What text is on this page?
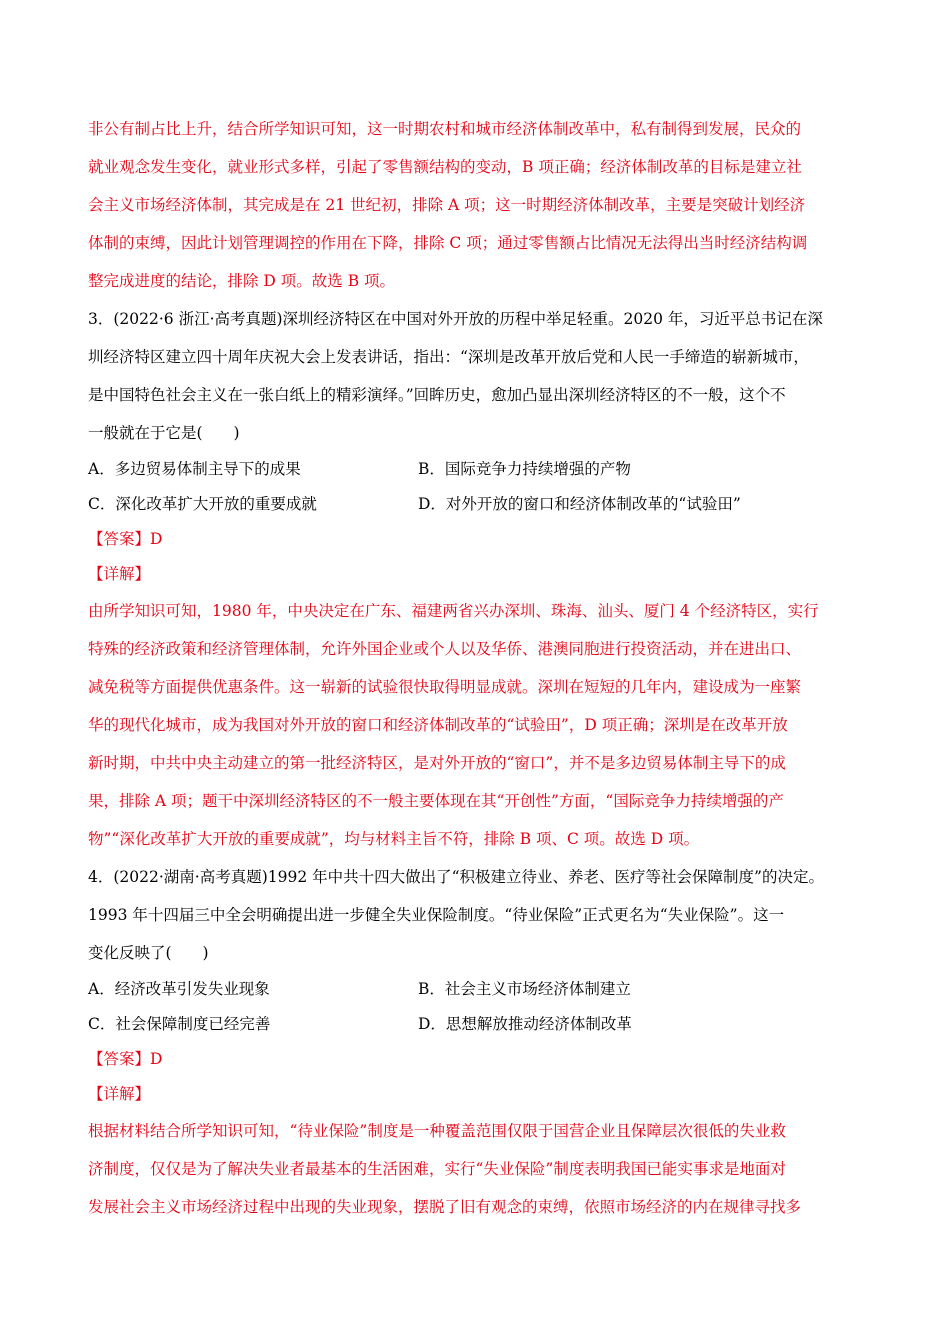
非公有制占比上升，结合所学知识可知，这一时期农村和城市经济体制改革中，私有制得到发展，民众的
就业观念发生变化，就业形式多样，引起了零售额结构的变动，B 项正确；经济体制改革的目标是建立社
会主义市场经济体制，其完成是在 21 世纪初，排除 A 项；这一时期经济体制改革，主要是突破计划经济
体制的束缚，因此计划管理调控的作用在下降，排除 C 项；通过零售额占比情况无法得出当时经济结构调
整完成进度的结论，排除 D 项。故选 B 项。
3．(2022·6 浙江·高考真题)深圳经济特区在中国对外开放的历程中举足轻重。2020 年，习近平总书记在深
圳经济特区建立四十周年庆祝大会上发表讲话，指出：“深圳是改革开放后党和人民一手缔造的崭新城市，
是中国特色社会主义在一张白纸上的精彩演绎。”回眸历史，愈加凸显出深圳经济特区的不一般，这个不
一般就在于它是(　　)
A．多边贸易体制主导下的成果	B．国际竞争力持续增强的产物
C．深化改革扩大开放的重要成就	D．对外开放的窗口和经济体制改革的“试验田”
【答案】D
【详解】
由所学知识可知，1980 年，中央决定在广东、福建两省兴办深圳、珠海、汕头、厦门 4 个经济特区，实行
特殊的经济政策和经济管理体制，允许外国企业或个人以及华侨、港澳同胞进行投资活动，并在进出口、
减免税等方面提供优惠条件。这一崭新的试验很快取得明显成就。深圳在短短的几年内，建设成为一座繁
华的现代化城市，成为我国对外开放的窗口和经济体制改革的“试验田”，D 项正确；深圳是在改革开放
新时期，中共中央主动建立的第一批经济特区，是对外开放的“窗口”，并不是多边贸易体制主导下的成
果，排除 A 项；题干中深圳经济特区的不一般主要体现在其“开创性”方面，“国际竞争力持续增强的产
物”“深化改革扩大开放的重要成就”，均与材料主旨不符，排除 B 项、C 项。故选 D 项。
4．(2022·湖南·高考真题)1992 年中共十四大做出了“积极建立待业、养老、医疗等社会保障制度”的决定。
1993 年十四届三中全会明确提出进一步健全失业保险制度。“待业保险”正式更名为“失业保险”。这一
变化反映了(　　)
A．经济改革引发失业现象	B．社会主义市场经济体制建立
C．社会保障制度已经完善	D．思想解放推动经济体制改革
【答案】D
【详解】
根据材料结合所学知识可知，“待业保险”制度是一种覆盖范围仅限于国营企业且保障层次很低的失业救
济制度，仅仅是为了解决失业者最基本的生活困难，实行“失业保险”制度表明我国已能实事求是地面对
发展社会主义市场经济过程中出现的失业现象，摆脱了旧有观念的束缚，依照市场经济的内在规律寻找多
